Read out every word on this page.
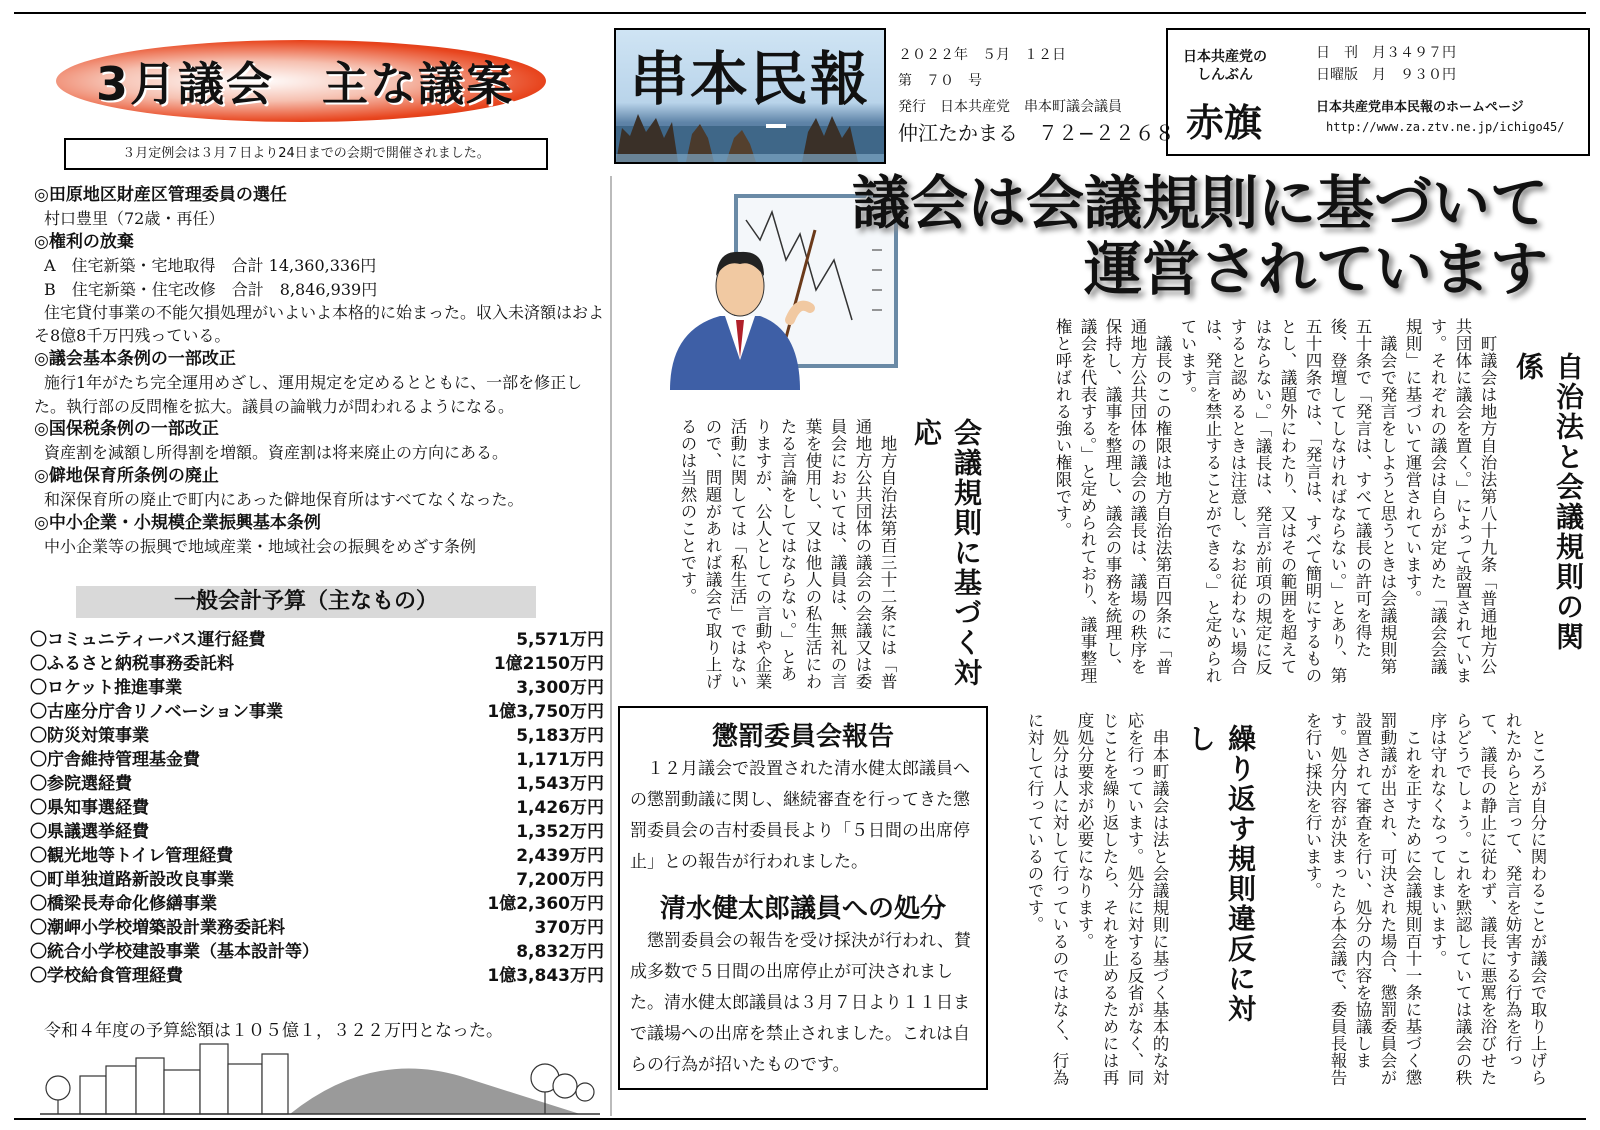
3月議会　主な議案
３月定例会は３月７日より24日までの会期で開催されました。
串本民報	２０２２年　５月　１２日
第　７０　号
発行　日本共産党　串本町議会議員
仲江たかまる　７２−２２６８
日本共産党の しんぶん
赤旗
日　刊　月３４９７円
日曜版　月　９３０円
日本共産党串本民報のホームページ
http://www.za.ztv.ne.jp/ichigo45/
◎田原地区財産区管理委員の選任
村口豊里（72歳・再任）
◎権利の放棄
A　住宅新築・宅地取得　合計 14,360,336円
B　住宅新築・住宅改修　合計　8,846,939円
住宅貸付事業の不能欠損処理がいよいよ本格的に始まった。収入未済額はおよそ8億8千万円残っている。
◎議会基本条例の一部改正
施行1年がたち完全運用めざし、運用規定を定めるとともに、一部を修正した。執行部の反問権を拡大。議員の論戦力が問われるようになる。
◎国保税条例の一部改正
資産割を減額し所得割を増額。資産割は将来廃止の方向にある。
◎僻地保育所条例の廃止
和深保育所の廃止で町内にあった僻地保育所はすべてなくなった。
◎中小企業・小規模企業振興基本条例
中小企業等の振興で地域産業・地域社会の振興をめざす条例
一般会計予算（主なもの）
〇コミュニティーバス運行経費	5,571万円
〇ふるさと納税事務委託料	1億2150万円
〇ロケット推進事業	3,300万円
〇古座分庁舎リノベーション事業	1億3,750万円
〇防災対策事業	5,183万円
〇庁舎維持管理基金費	1,171万円
〇参院選経費	1,543万円
〇県知事選経費	1,426万円
〇県議選挙経費	1,352万円
〇観光地等トイレ管理経費	2,439万円
〇町単独道路新設改良事業	7,200万円
〇橋梁長寿命化修繕事業	1億2,360万円
〇潮岬小学校増築設計業務委託料	370万円
〇統合小学校建設事業（基本設計等）	8,832万円
〇学校給食管理経費	1億3,843万円
令和４年度の予算総額は１０５億１，３２２万円となった。
議会は会議規則に基づいて
運営されています
自治法と会議規則の関係

町議会は地方自治法第八十九条「普通地方公共団体に議会を置く。」によって設置されています。それぞれの議会は自らが定めた「議会会議規則」に基づいて運営されています。

議会で発言をしようと思うときは会議規則第五十条で「発言は、すべて議長の許可を得た後、登壇してしなければならない。」とあり、第五十四条では、「発言は、すべて簡明にするものとし、議題外にわたり、又はその範囲を超えてはならない。」「議長は、発言が前項の規定に反すると認めるときは注意し、なお従わない場合は、発言を禁止することができる。」と定められています。

議長のこの権限は地方自治法第百四条に「普通地方公共団体の議会の議長は、議場の秩序を保持し、議事を整理し、議会の事務を統理し、議会を代表する。」と定められており、議事整理権と呼ばれる強い権限です。

会議規則に基づく対応

地方自治法第百三十二条には「普通地方公共団体の議会の会議又は委員会においては、議員は、無礼の言葉を使用し、又は他人の私生活にわたる言論をしてはならない。」とありますが、公人としての言動や企業活動に関しては「私生活」ではないので、問題があれば議会で取り上げるのは当然のことです。

ところが自分に関わることが議会で取り上げられたからと言って、発言を妨害する行為を行って、議長の静止に従わず、議長に悪罵を浴びせたらどうでしょう。これを黙認していては議会の秩序は守れなくなってしまいます。

これを正すために会議規則百十一条に基づく懲罰動議が出され、可決された場合、懲罰委員会が設置されて審査を行い、処分の内容を協議します。処分内容が決まったら本会議で、委員長報告を行い採決を行います。

繰り返す規則違反に対し

串本町議会は法と会議規則に基づく基本的な対応を行っています。処分に対する反省がなく、同じことを繰り返したら、それを止めるためには再度処分要求が必要になります。

処分は人に対して行っているのではなく、行為に対して行っているのです。

懲罰委員会報告
１２月議会で設置された清水健太郎議員への懲罰動議に関し、継続審査を行ってきた懲罰委員会の吉村委員長より「５日間の出席停止」との報告が行われました。
清水健太郎議員への処分
懲罰委員会の報告を受け採決が行われ、賛成多数で５日間の出席停止が可決されました。清水健太郎議員は３月７日より１１日まで議場への出席を禁止されました。これは自らの行為が招いたものです。
